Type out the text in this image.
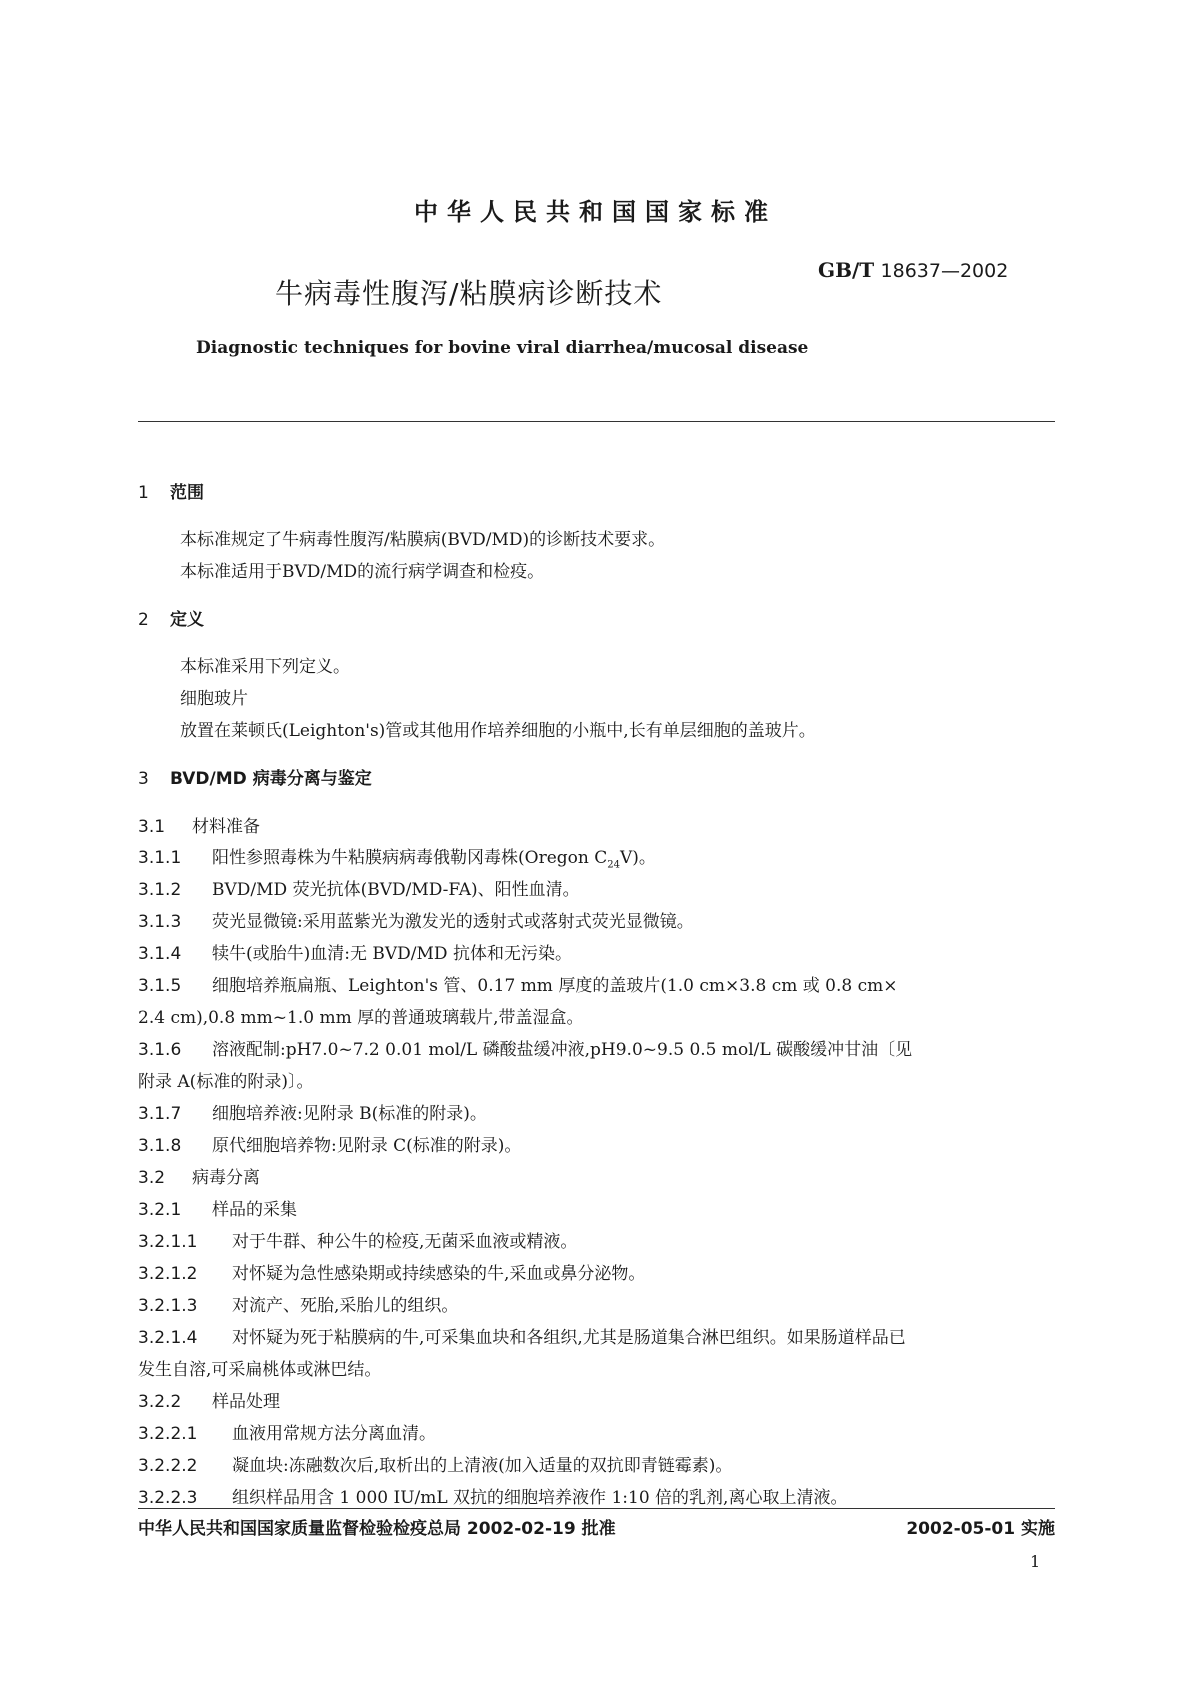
中华人民共和国国家标准
GB/T 18637—2002
牛病毒性腹泻/粘膜病诊断技术
Diagnostic techniques for bovine viral diarrhea/mucosal disease
1 范围
本标准规定了牛病毒性腹泻/粘膜病(BVD/MD)的诊断技术要求。
本标准适用于BVD/MD的流行病学调查和检疫。
2 定义
本标准采用下列定义。
细胞玻片
放置在莱顿氏(Leighton's)管或其他用作培养细胞的小瓶中,长有单层细胞的盖玻片。
3 BVD/MD 病毒分离与鉴定
3.1 材料准备
3.1.1 阳性参照毒株为牛粘膜病病毒俄勒冈毒株(Oregon $C_{24}V$)。
3.1.2 BVD/MD 荧光抗体(BVD/MD-FA)、阳性血清。
3.1.3 荧光显微镜:采用蓝紫光为激发光的透射式或落射式荧光显微镜。
3.1.4 犊牛(或胎牛)血清:无 BVD/MD 抗体和无污染。
3.1.5 细胞培养瓶扁瓶、Leighton's 管、0.17 mm 厚度的盖玻片(1.0 cm×3.8 cm 或 0.8 cm×
2.4 cm),0.8 mm~1.0 mm 厚的普通玻璃载片,带盖湿盒。
3.1.6 溶液配制:pH7.0~7.2 0.01 mol/L 磷酸盐缓冲液,pH9.0~9.5 0.5 mol/L 碳酸缓冲甘油〔见
附录 A(标准的附录)〕。
3.1.7 细胞培养液:见附录 B(标准的附录)。
3.1.8 原代细胞培养物:见附录 C(标准的附录)。
3.2 病毒分离
3.2.1 样品的采集
3.2.1.1 对于牛群、种公牛的检疫,无菌采血液或精液。
3.2.1.2 对怀疑为急性感染期或持续感染的牛,采血或鼻分泌物。
3.2.1.3 对流产、死胎,采胎儿的组织。
3.2.1.4 对怀疑为死于粘膜病的牛,可采集血块和各组织,尤其是肠道集合淋巴组织。如果肠道样品已
发生自溶,可采扁桃体或淋巴结。
3.2.2 样品处理
3.2.2.1 血液用常规方法分离血清。
3.2.2.2 凝血块:冻融数次后,取析出的上清液(加入适量的双抗即青链霉素)。
3.2.2.3 组织样品用含 1 000 IU/mL 双抗的细胞培养液作 1:10 倍的乳剂,离心取上清液。
中华人民共和国国家质量监督检验检疫总局 2002-02-19 批准	2002-05-01 实施
1
